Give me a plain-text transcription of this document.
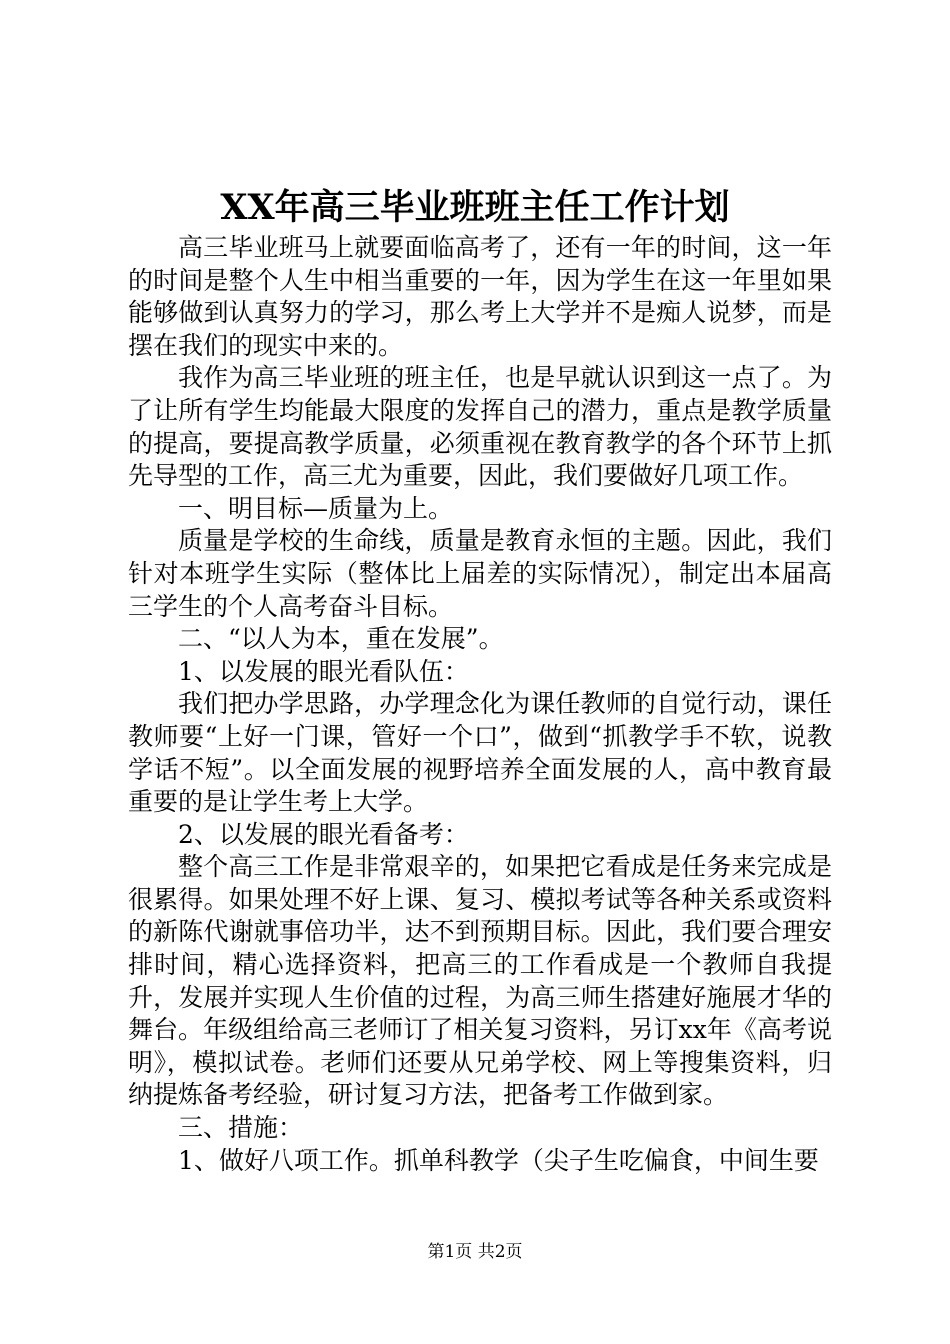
XX年高三毕业班班主任工作计划

高三毕业班马上就要面临高考了，还有一年的时间，这一年的时间是整个人生中相当重要的一年，因为学生在这一年里如果能够做到认真努力的学习，那么考上大学并不是痴人说梦，而是摆在我们的现实中来的。

我作为高三毕业班的班主任，也是早就认识到这一点了。为了让所有学生均能最大限度的发挥自己的潜力，重点是教学质量的提高，要提高教学质量，必须重视在教育教学的各个环节上抓先导型的工作，高三尤为重要，因此，我们要做好几项工作。

一、明目标—质量为上。

质量是学校的生命线，质量是教育永恒的主题。因此，我们针对本班学生实际（整体比上届差的实际情况），制定出本届高三学生的个人高考奋斗目标。

二、“以人为本，重在发展”。

1、以发展的眼光看队伍：

我们把办学思路，办学理念化为课任教师的自觉行动，课任教师要“上好一门课，管好一个口”，做到“抓教学手不软，说教学话不短”。以全面发展的视野培养全面发展的人，高中教育最重要的是让学生考上大学。

2、以发展的眼光看备考：

整个高三工作是非常艰辛的，如果把它看成是任务来完成是很累得。如果处理不好上课、复习、模拟考试等各种关系或资料的新陈代谢就事倍功半，达不到预期目标。因此，我们要合理安排时间，精心选择资料，把高三的工作看成是一个教师自我提升，发展并实现人生价值的过程，为高三师生搭建好施展才华的舞台。年级组给高三老师订了相关复习资料，另订xx年《高考说明》，模拟试卷。老师们还要从兄弟学校、网上等搜集资料，归纳提炼备考经验，研讨复习方法，把备考工作做到家。

三、措施：

1、做好八项工作。抓单科教学（尖子生吃偏食，中间生要

第1页 共2页
